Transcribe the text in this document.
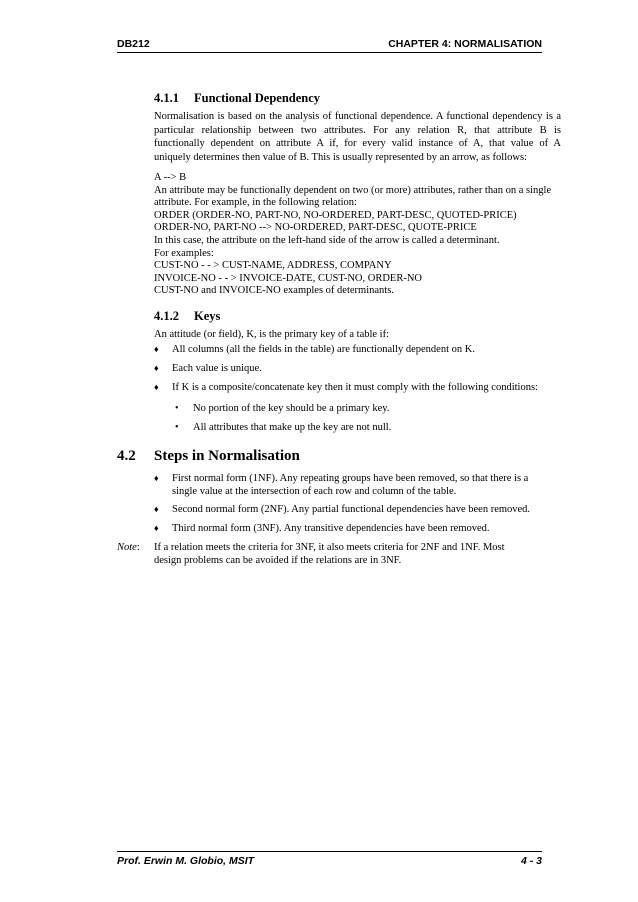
DB212	CHAPTER 4: NORMALISATION
4.1.1 Functional Dependency
Normalisation is based on the analysis of functional dependence. A functional dependency is a
particular relationship between two attributes. For any relation R, that attribute B is
functionally dependent on attribute A if, for every valid instance of A, that value of A
uniquely determines then value of B. This is usually represented by an arrow, as follows:
A --> B
An attribute may be functionally dependent on two (or more) attributes, rather than on a single
attribute. For example, in the following relation:
ORDER (ORDER-NO, PART-NO, NO-ORDERED, PART-DESC, QUOTED-PRICE)
ORDER-NO, PART-NO --> NO-ORDERED, PART-DESC, QUOTE-PRICE
In this case, the attribute on the left-hand side of the arrow is called a determinant.
For examples:
CUST-NO - - > CUST-NAME, ADDRESS, COMPANY
INVOICE-NO - - > INVOICE-DATE, CUST-NO, ORDER-NO
CUST-NO and INVOICE-NO examples of determinants.
4.1.2 Keys
An attitude (or field), K, is the primary key of a table if:
♦ All columns (all the fields in the table) are functionally dependent on K.
♦ Each value is unique.
♦ If K is a composite/concatenate key then it must comply with the following conditions:
• No portion of the key should be a primary key.
• All attributes that make up the key are not null.
4.2 Steps in Normalisation
♦ First normal form (1NF). Any repeating groups have been removed, so that there is a
single value at the intersection of each row and column of the table.
♦ Second normal form (2NF). Any partial functional dependencies have been removed.
♦ Third normal form (3NF). Any transitive dependencies have been removed.
Note: If a relation meets the criteria for 3NF, it also meets criteria for 2NF and 1NF. Most
design problems can be avoided if the relations are in 3NF.
Prof. Erwin M. Globio, MSIT	4 - 3
